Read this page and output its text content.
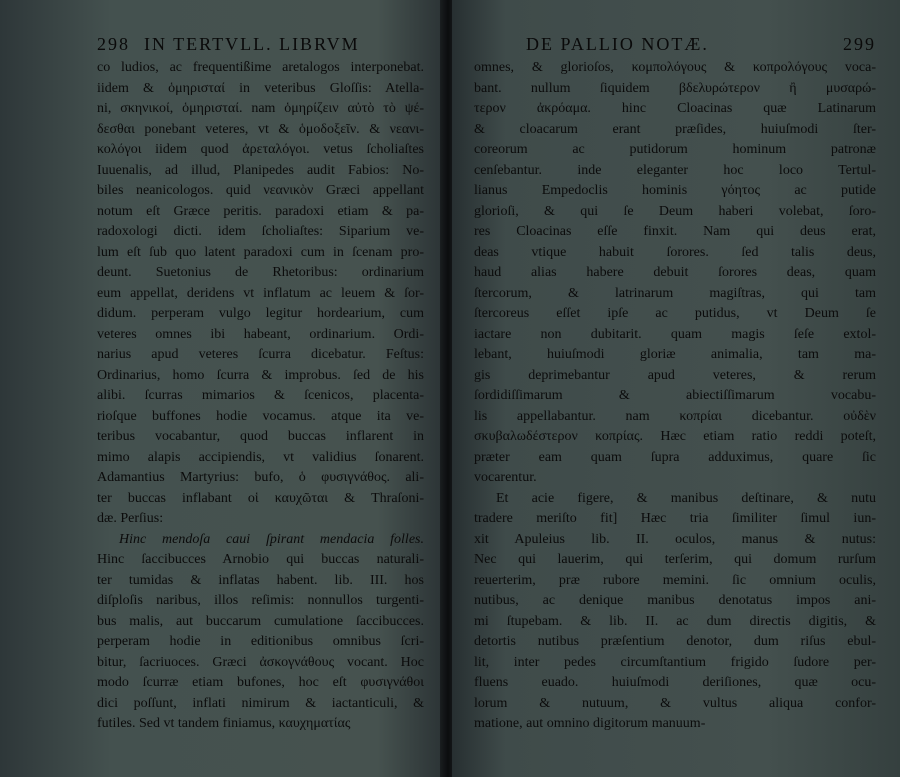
298 IN TERTVLL. LIBRVM
co ludios, ac frequentißime aretalogos interponebat.
iidem & ὁμηρισταί in veteribus Gloſſis: Atella-
ni, σκηνικοί, ὁμηρισταί. nam ὁμηρίζειν αὐτὸ τὸ ψέ-
δεσθαι ponebant veteres, vt & ὁμοδοξεῖν. & νεανι-
κολόγοι iidem quod ἀρεταλόγοι. vetus ſcholiaſtes
Iuuenalis, ad illud, Planipedes audit Fabios: No-
biles neanicologos. quid νεανικὸν Græci appellant
notum eſt Græce peritis. paradoxi etiam & pa-
radoxologi dicti. idem ſcholiaſtes: Siparium ve-
lum eſt ſub quo latent paradoxi cum in ſcenam pro-
deunt. Suetonius de Rhetoribus: ordinarium
eum appellat, deridens vt inflatum ac leuem & ſor-
didum. perperam vulgo legitur hordearium, cum
veteres omnes ibi habeant, ordinarium. Ordi-
narius apud veteres ſcurra dicebatur. Feſtus:
Ordinarius, homo ſcurra & improbus. ſed de his
alibi. ſcurras mimarios & ſcenicos, placenta-
rioſque buffones hodie vocamus. atque ita ve-
teribus vocabantur, quod buccas inflarent in
mimo alapis accipiendis, vt validius ſonarent.
Adamantius Martyrius: bufo, ὁ φυσιγνάθος. ali-
ter buccas inflabant οἱ καυχῶται & Thraſoni-
dæ. Perſius:
Hinc mendoſa caui ſpirant mendacia folles.
Hinc ſaccibucces Arnobio qui buccas naturali-
ter tumidas & inflatas habent. lib. III. hos
diſploſis naribus, illos reſimis: nonnullos turgenti-
bus malis, aut buccarum cumulatione ſaccibucces.
perperam hodie in editionibus omnibus ſcri-
bitur, ſacriuoces. Græci ἀσκογνάθους vocant. Hoc
modo ſcurræ etiam bufones, hoc eſt φυσιγνάθοι
dici poſſunt, inflati nimirum & iactanticuli, &
futiles. Sed vt tandem finiamus, καυχηματίας
DE PALLIO NOTÆ.	299
omnes, & glorioſos, κομπολόγους & κοπρολόγους voca-
bant. nullum ſiquidem βδελυρώτερον ἢ μυσαρώ-
τερον ἀκρόαμα. hinc Cloacinas quæ Latinarum
& cloacarum erant præſides, huiuſmodi ſter-
coreorum ac putidorum hominum patronæ
cenſebantur. inde eleganter hoc loco Tertul-
lianus Empedoclis hominis γόητος ac putide
glorioſi, & qui ſe Deum haberi volebat, ſoro-
res Cloacinas eſſe finxit. Nam qui deus erat,
deas vtique habuit ſorores. ſed talis deus,
haud alias habere debuit ſorores deas, quam
ſtercorum, & latrinarum magiſtras, qui tam
ſtercoreus eſſet ipſe ac putidus, vt Deum ſe
iactare non dubitarit. quam magis ſeſe extol-
lebant, huiuſmodi gloriæ animalia, tam ma-
gis deprimebantur apud veteres, & rerum
ſordidiſſimarum & abiectiſſimarum vocabu-
lis appellabantur. nam κοπρίαι dicebantur. οὐδὲν
σκυβαλωδέστερον κοπρίας. Hæc etiam ratio reddi poteſt,
præter eam quam ſupra adduximus, quare ſic
vocarentur.
Et acie figere, & manibus deſtinare, & nutu
tradere meriſto fit] Hæc tria ſimiliter ſimul iun-
xit Apuleius lib. II. oculos, manus & nutus:
Nec qui lauerim, qui terſerim, qui domum rurſum
reuerterim, præ rubore memini. ſic omnium oculis,
nutibus, ac denique manibus denotatus impos ani-
mi ſtupebam. & lib. II. ac dum directis digitis, &
detortis nutibus præſentium denotor, dum riſus ebul-
lit, inter pedes circumſtantium frigido ſudore per-
fluens euado. huiuſmodi deriſiones, quæ ocu-
lorum & nutuum, & vultus aliqua confor-
matione, aut omnino digitorum manuum-
